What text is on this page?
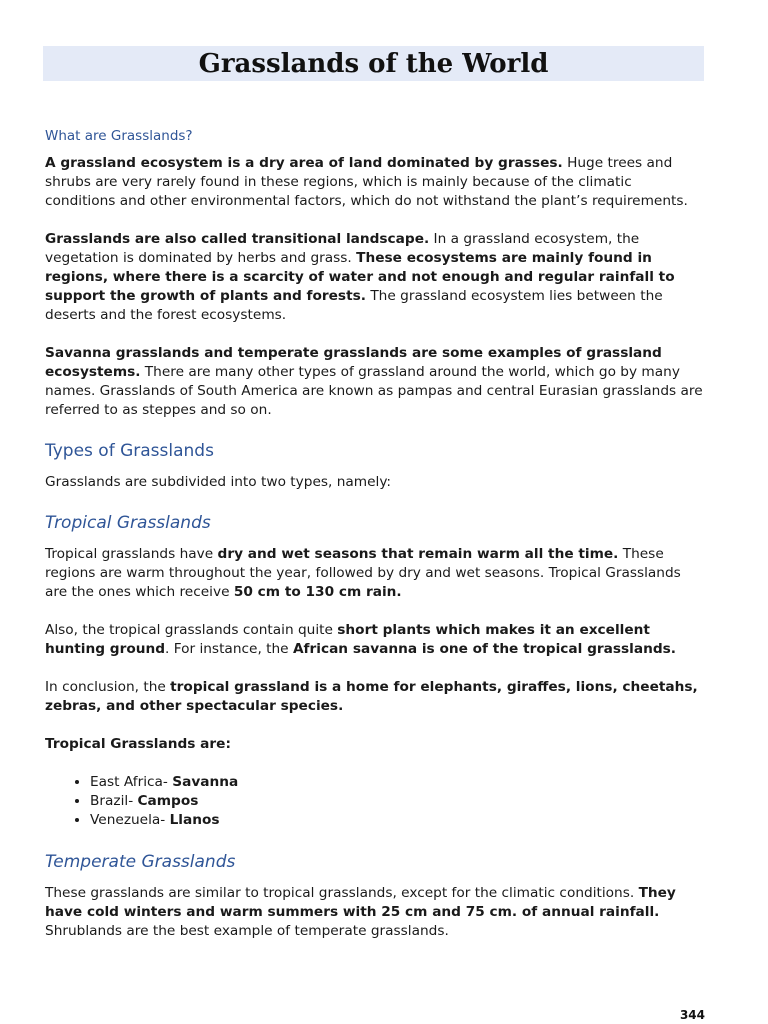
Grasslands of the World
What are Grasslands?

A grassland ecosystem is a dry area of land dominated by grasses. Huge trees and shrubs are very rarely found in these regions, which is mainly because of the climatic conditions and other environmental factors, which do not withstand the plant’s requirements.

Grasslands are also called transitional landscape. In a grassland ecosystem, the vegetation is dominated by herbs and grass. These ecosystems are mainly found in regions, where there is a scarcity of water and not enough and regular rainfall to support the growth of plants and forests. The grassland ecosystem lies between the deserts and the forest ecosystems.

Savanna grasslands and temperate grasslands are some examples of grassland ecosystems. There are many other types of grassland around the world, which go by many names. Grasslands of South America are known as pampas and central Eurasian grasslands are referred to as steppes and so on.

Types of Grasslands

Grasslands are subdivided into two types, namely:

Tropical Grasslands

Tropical grasslands have dry and wet seasons that remain warm all the time. These regions are warm throughout the year, followed by dry and wet seasons. Tropical Grasslands are the ones which receive 50 cm to 130 cm rain.

Also, the tropical grasslands contain quite short plants which makes it an excellent hunting ground. For instance, the African savanna is one of the tropical grasslands.

In conclusion, the tropical grassland is a home for elephants, giraffes, lions, cheetahs, zebras, and other spectacular species.

Tropical Grasslands are:

• East Africa- Savanna
• Brazil- Campos
• Venezuela- Llanos
Temperate Grasslands

These grasslands are similar to tropical grasslands, except for the climatic conditions. They have cold winters and warm summers with 25 cm and 75 cm. of annual rainfall. Shrublands are the best example of temperate grasslands.

344
